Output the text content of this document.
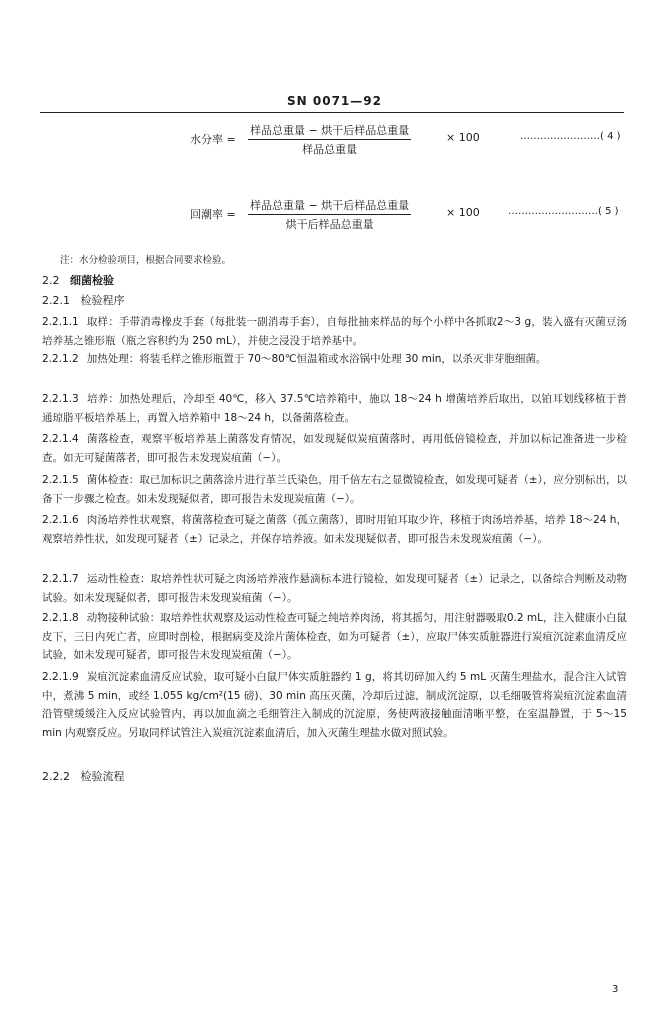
SN 0071—92
水分率 =
样品总重量 − 烘干后样品总重量
样品总重量
× 100	……………………( 4 )
回潮率 =
样品总重量 − 烘干后样品总重量
烘干后样品总重量
× 100	………………………( 5 )
注：水分检验项目，根据合同要求检验。
2.2 细菌检验
2.2.1 检验程序
2.2.1.1 取样：手带消毒橡皮手套（每批装一副消毒手套），自每批抽来样品的每个小样中各抓取2～3 g，装入盛有灭菌豆汤培养基之锥形瓶（瓶之容积约为 250 mL），并使之浸没于培养基中。
2.2.1.2 加热处理：将装毛样之锥形瓶置于 70～80℃恒温箱或水浴锅中处理 30 min，以杀灭非芽胞细菌。
2.2.1.3 培养：加热处理后，冷却至 40℃，移入 37.5℃培养箱中，施以 18～24 h 增菌培养后取出，以铂耳划线移植于普通琼脂平板培养基上，再置入培养箱中 18～24 h，以备菌落检查。
2.2.1.4 菌落检查，观察平板培养基上菌落发育情况，如发现疑似炭疽菌落时，再用低倍镜检查，并加以标记准备进一步检查。如无可疑菌落者，即可报告未发现炭疽菌（−）。
2.2.1.5 菌体检查：取已加标识之菌落涂片进行革兰氏染色，用千倍左右之显微镜检查，如发现可疑者（±），应分别标出，以备下一步骤之检查。如未发现疑似者，即可报告未发现炭疽菌（−）。
2.2.1.6 肉汤培养性状观察，将菌落检查可疑之菌落（孤立菌落），即时用铂耳取少许，移植于肉汤培养基，培养 18～24 h，观察培养性状，如发现可疑者（±）记录之，并保存培养液。如未发现疑似者，即可报告未发现炭疽菌（−）。
2.2.1.7 运动性检查：取培养性状可疑之肉汤培养液作悬滴标本进行镜检，如发现可疑者（±）记录之，以备综合判断及动物试验。如未发现疑似者，即可报告未发现炭疽菌（−）。
2.2.1.8 动物接种试验：取培养性状观察及运动性检查可疑之纯培养肉汤，将其摇匀，用注射器吸取0.2 mL，注入健康小白鼠皮下，三日内死亡者，应即时剖检，根据病变及涂片菌体检查，如为可疑者（±），应取尸体实质脏器进行炭疽沉淀素血清反应试验，如未发现可疑者，即可报告未发现炭疽菌（−）。
2.2.1.9 炭疽沉淀素血清反应试验，取可疑小白鼠尸体实质脏器约 1 g，将其切碎加入约 5 mL 灭菌生理盐水，混合注入试管中，煮沸 5 min，或经 1.055 kg/cm²(15 磅)、30 min 高压灭菌，冷却后过滤，制成沉淀原，以毛细吸管将炭疽沉淀素血清沿管壁缓缓注入反应试验管内，再以加血滴之毛细管注入制成的沉淀原，务使两液接触面清晰平整，在室温静置，于 5～15 min 内观察反应。另取同样试管注入炭疽沉淀素血清后，加入灭菌生理盐水做对照试验。
2.2.2 检验流程
3
